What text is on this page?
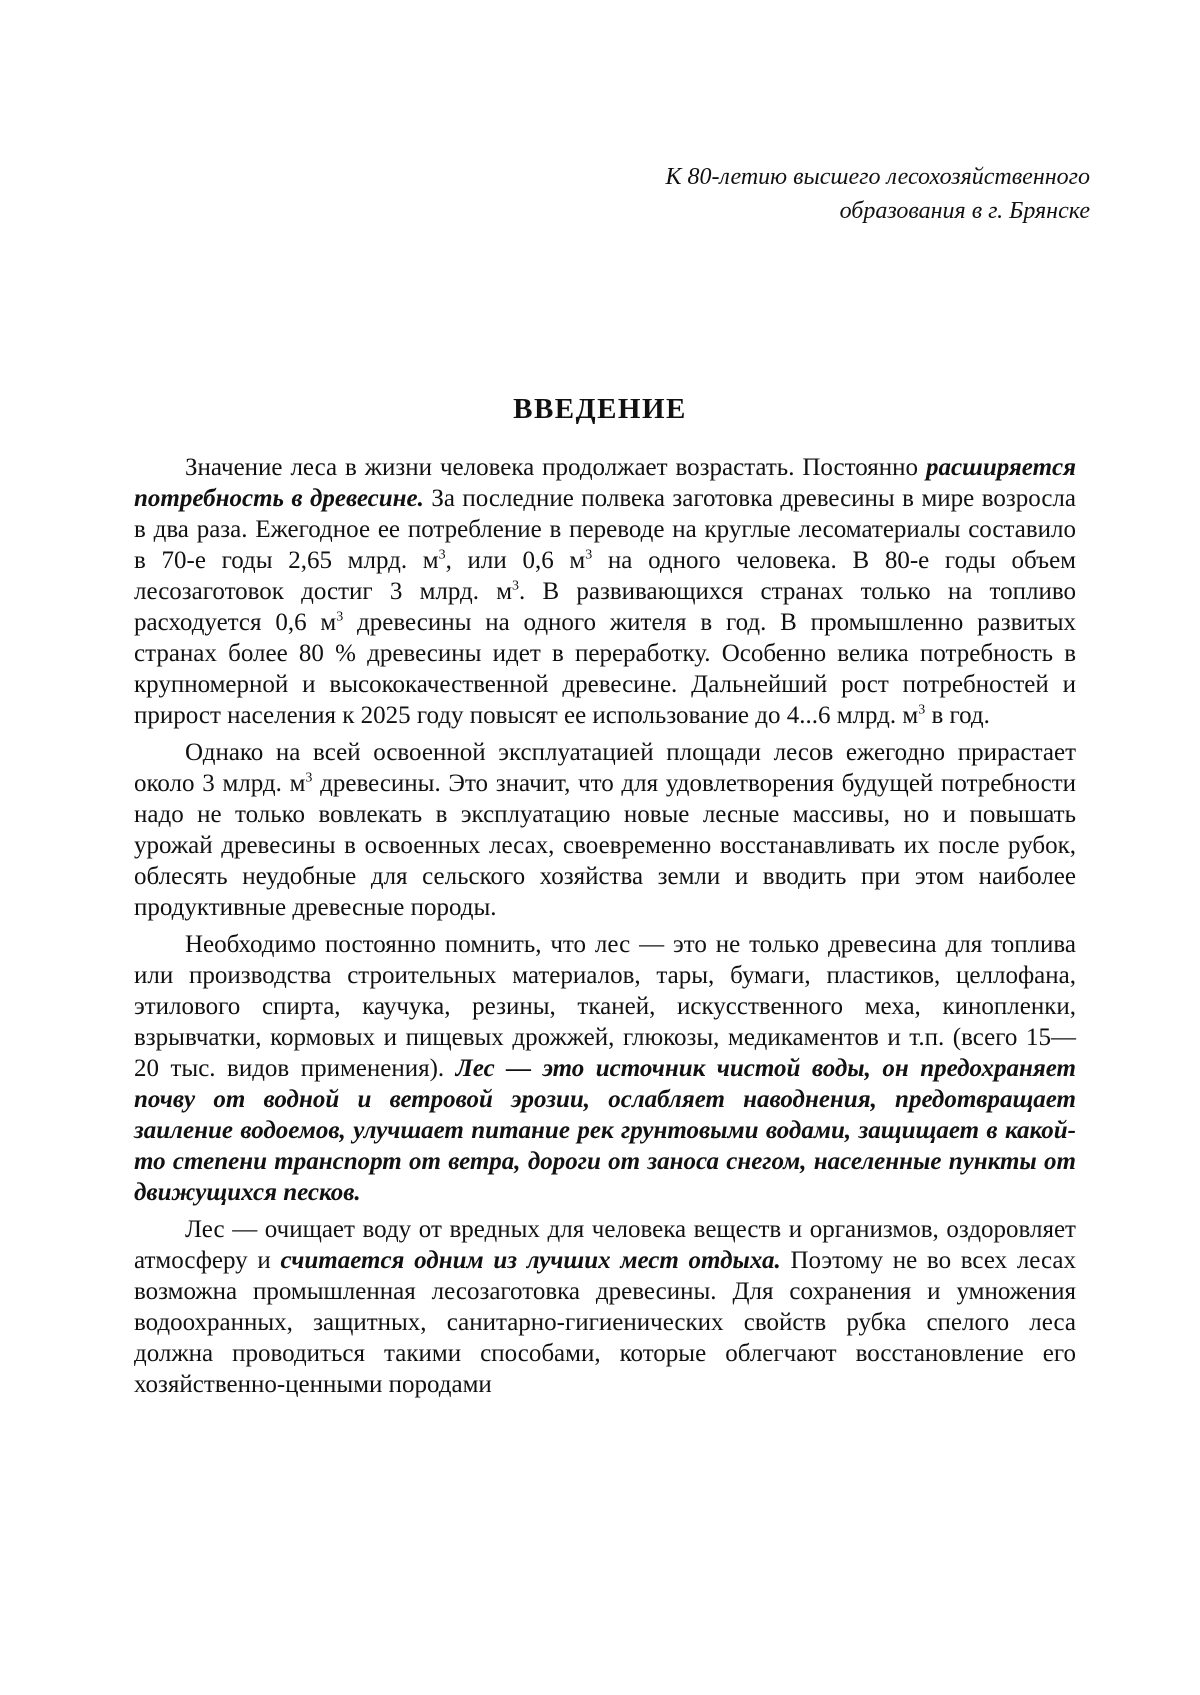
К 80-летию высшего лесохозяйственного
образования в г. Брянске
ВВЕДЕНИЕ

Значение леса в жизни человека продолжает возрастать. Постоянно расширяется потребность в древесине. За последние полвека заготовка древесины в мире возросла в два раза. Ежегодное ее потребление в переводе на круглые лесоматериалы составило в 70-е годы 2,65 млрд. $м^3$, или 0,6 $м^3$ на одного человека. В 80-е годы объем лесозаготовок достиг 3 млрд. $м^3$. В развивающихся странах только на топливо расходуется 0,6 $м^3$ древесины на одного жителя в год. В промышленно развитых странах более 80 % древесины идет в переработку. Особенно велика потребность в крупномерной и высококачественной древесине. Дальнейший рост потребностей и прирост населения к 2025 году повысят ее использование до 4...6 млрд. $м^3$ в год.

Однако на всей освоенной эксплуатацией площади лесов ежегодно прирастает около 3 млрд. $м^3$ древесины. Это значит, что для удовлетворения будущей потребности надо не только вовлекать в эксплуатацию новые лесные массивы, но и повышать урожай древесины в освоенных лесах, своевременно восстанавливать их после рубок, облесять неудобные для сельского хозяйства земли и вводить при этом наиболее продуктивные древесные породы.

Необходимо постоянно помнить, что лес — это не только древесина для топлива или производства строительных материалов, тары, бумаги, пластиков, целлофана, этилового спирта, каучука, резины, тканей, искусственного меха, кинопленки, взрывчатки, кормовых и пищевых дрожжей, глюкозы, медикаментов и т.п. (всего 15—20 тыс. видов применения). Лес — это источник чистой воды, он предохраняет почву от водной и ветровой эрозии, ослабляет наводнения, предотвращает заиление водоемов, улучшает питание рек грунтовыми водами, защищает в какой-то степени транспорт от ветра, дороги от заноса снегом, населенные пункты от движущихся песков.

Лес — очищает воду от вредных для человека веществ и организмов, оздоровляет атмосферу и считается одним из лучших мест отдыха. Поэтому не во всех лесах возможна промышленная лесозаготовка древесины. Для сохранения и умножения водоохранных, защитных, санитарно-гигиенических свойств рубка спелого леса должна проводиться такими способами, которые облегчают восстановление его хозяйственно-ценными породами
